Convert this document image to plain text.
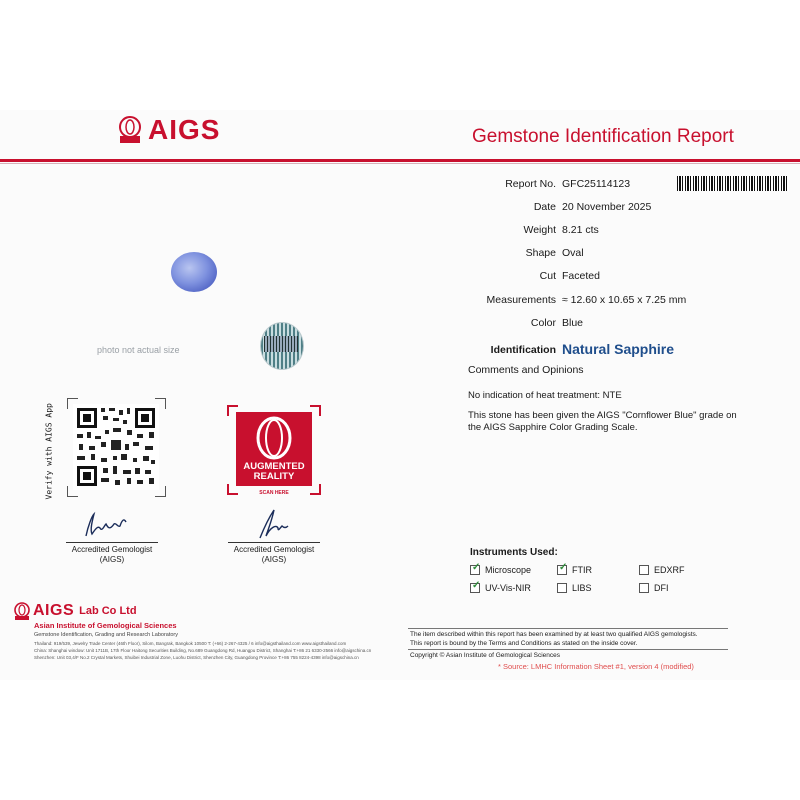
AIGS	Gemstone Identification Report
Report No. GFC25114123
Date 20 November 2025
Weight 8.21 cts
Shape Oval
Cut Faceted
Measurements ≈ 12.60 x 10.65 x 7.25 mm
Color Blue
Identification Natural Sapphire
Comments and Opinions
No indication of heat treatment: NTE
This stone has been given the AIGS "Cornflower Blue" grade on
the AIGS Sapphire Color Grading Scale.
photo not actual size
Verify with AIGS App	AUGMENTED
REALITY
SCAN HERE
Accredited Gemologist
(AIGS)
Accredited Gemologist
(AIGS)
AIGS Lab Co Ltd
Asian Institute of Gemological Sciences
Gemstone Identification, Grading and Research Laboratory
Thailand: 919/539, Jewelry Trade Center (46th Floor), Silom, Bangrak, Bangkok 10500 T: (+66) 2-267-4325 / 6 info@aigsthailand.com www.aigsthailand.com
China: Shanghai window: Unit 1711B, 17th Floor Haitong Securities Building, No.689 Guangdong Rd, Huangpu District, Shanghai T:+86 21 6330-2566 info@aigschina.cn
Shenzhen: Unit 03,4/F No.2 Crystal Markets, Shuibei Industrial Zone, Luohu District, Shenzhen City, Guangdong Province T:+86 755 8224-4398 info@aigschina.cn
Instruments Used:
✓ Microscope	✓ FTIR	EDXRF
✓ UV-Vis-NIR	LIBS	DFI
The item described within this report has been examined by at least two qualified AIGS gemologists.
This report is bound by the Terms and Conditions as stated on the inside cover.
Copyright © Asian Institute of Gemological Sciences
* Source: LMHC Information Sheet #1, version 4 (modified)
